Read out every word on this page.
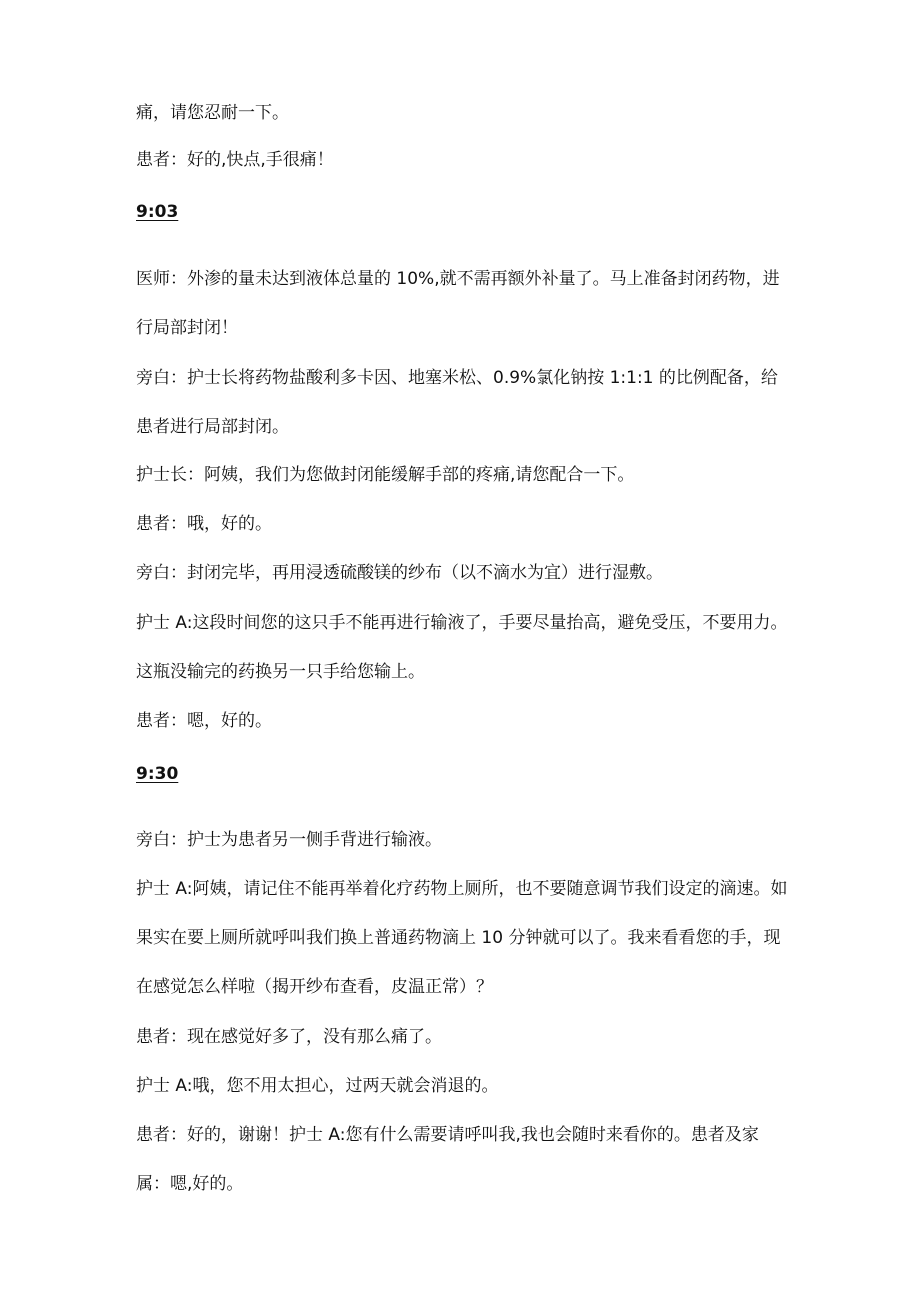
痛，请您忍耐一下。
患者：好的,快点,手很痛！
9:03
医师：外渗的量未达到液体总量的 10%,就不需再额外补量了。马上准备封闭药物，进
行局部封闭！
旁白：护士长将药物盐酸利多卡因、地塞米松、0.9%氯化钠按 1:1:1 的比例配备，给
患者进行局部封闭。
护士长：阿姨，我们为您做封闭能缓解手部的疼痛,请您配合一下。
患者：哦，好的。
旁白：封闭完毕，再用浸透硫酸镁的纱布（以不滴水为宜）进行湿敷。
护士 A:这段时间您的这只手不能再进行输液了，手要尽量抬高，避免受压，不要用力。
这瓶没输完的药换另一只手给您输上。
患者：嗯，好的。
9:30
旁白：护士为患者另一侧手背进行输液。
护士 A:阿姨，请记住不能再举着化疗药物上厕所，也不要随意调节我们设定的滴速。如
果实在要上厕所就呼叫我们换上普通药物滴上 10 分钟就可以了。我来看看您的手，现
在感觉怎么样啦（揭开纱布查看，皮温正常）？
患者：现在感觉好多了，没有那么痛了。
护士 A:哦，您不用太担心，过两天就会消退的。
患者：好的，谢谢！护士 A:您有什么需要请呼叫我,我也会随时来看你的。患者及家
属：嗯,好的。
